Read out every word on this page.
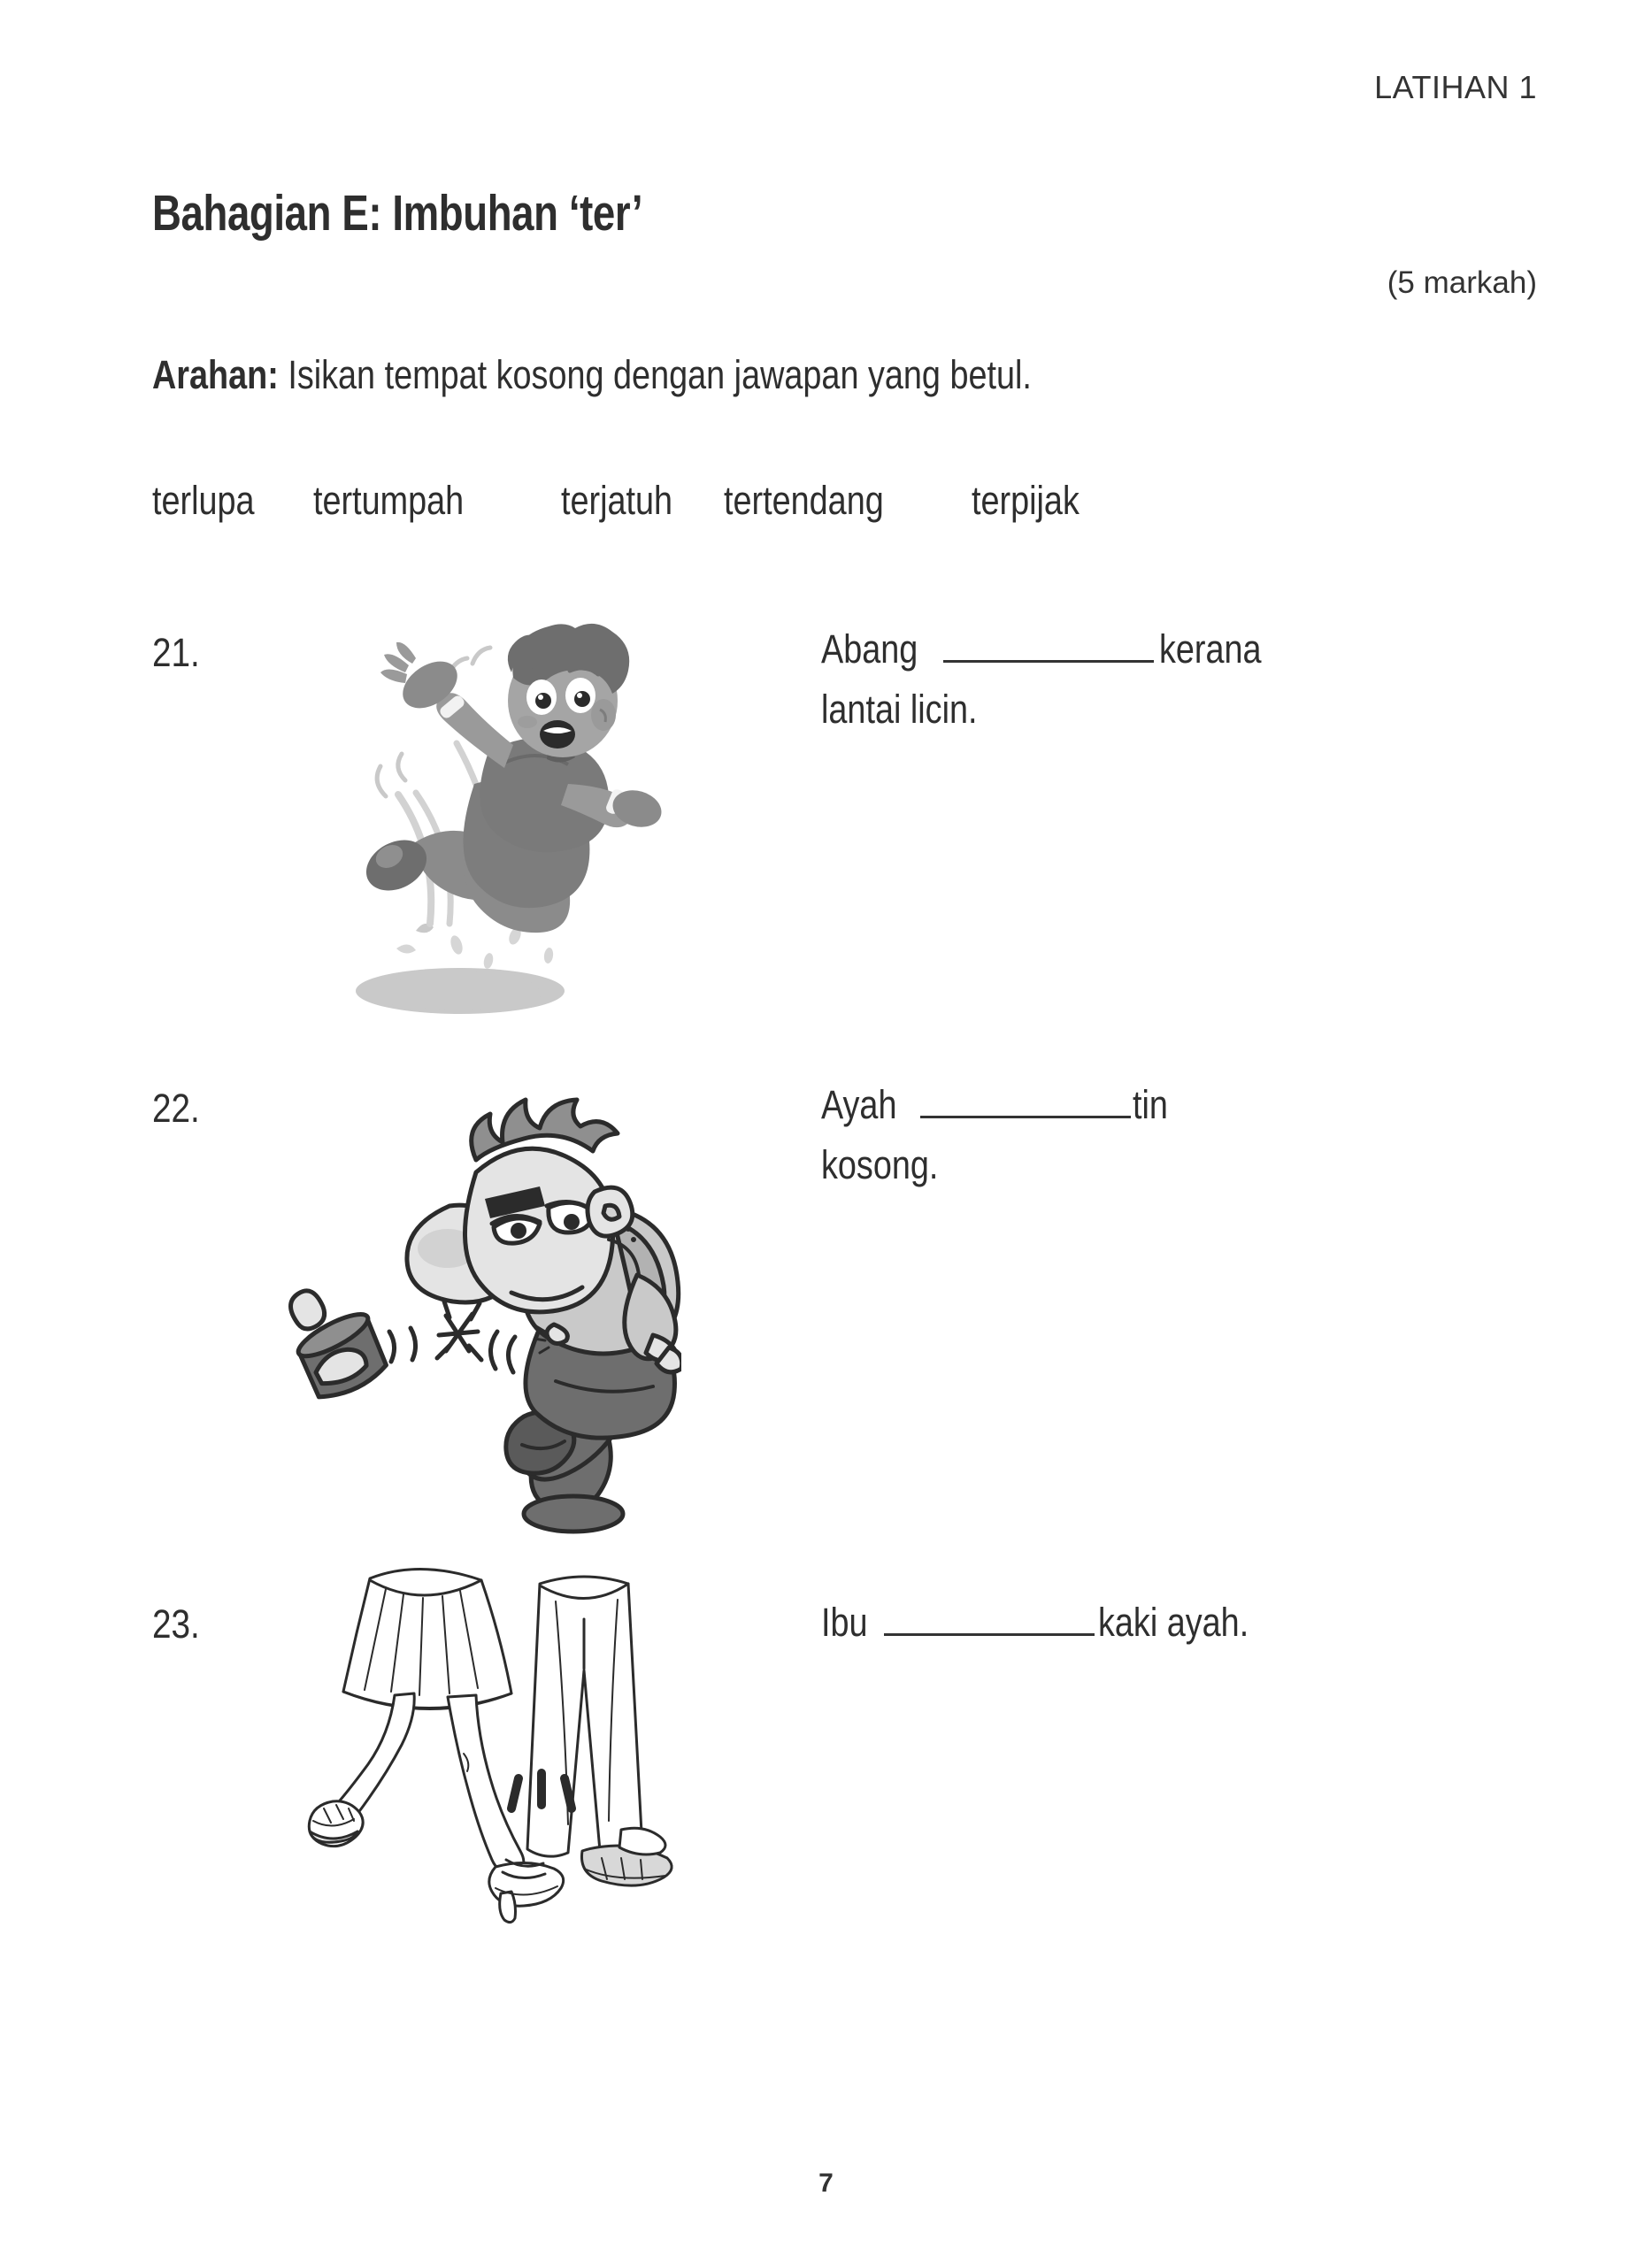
LATIHAN 1
Bahagian E: Imbuhan ‘ter’
(5 markah)
Arahan: Isikan tempat kosong dengan jawapan yang betul.
terlupa tertumpah terjatuh tertendang terpijak
21.	Abang	kerana
lantai licin.
22.	Ayah	tin
kosong.
23.	Ibu	kaki ayah.
7
